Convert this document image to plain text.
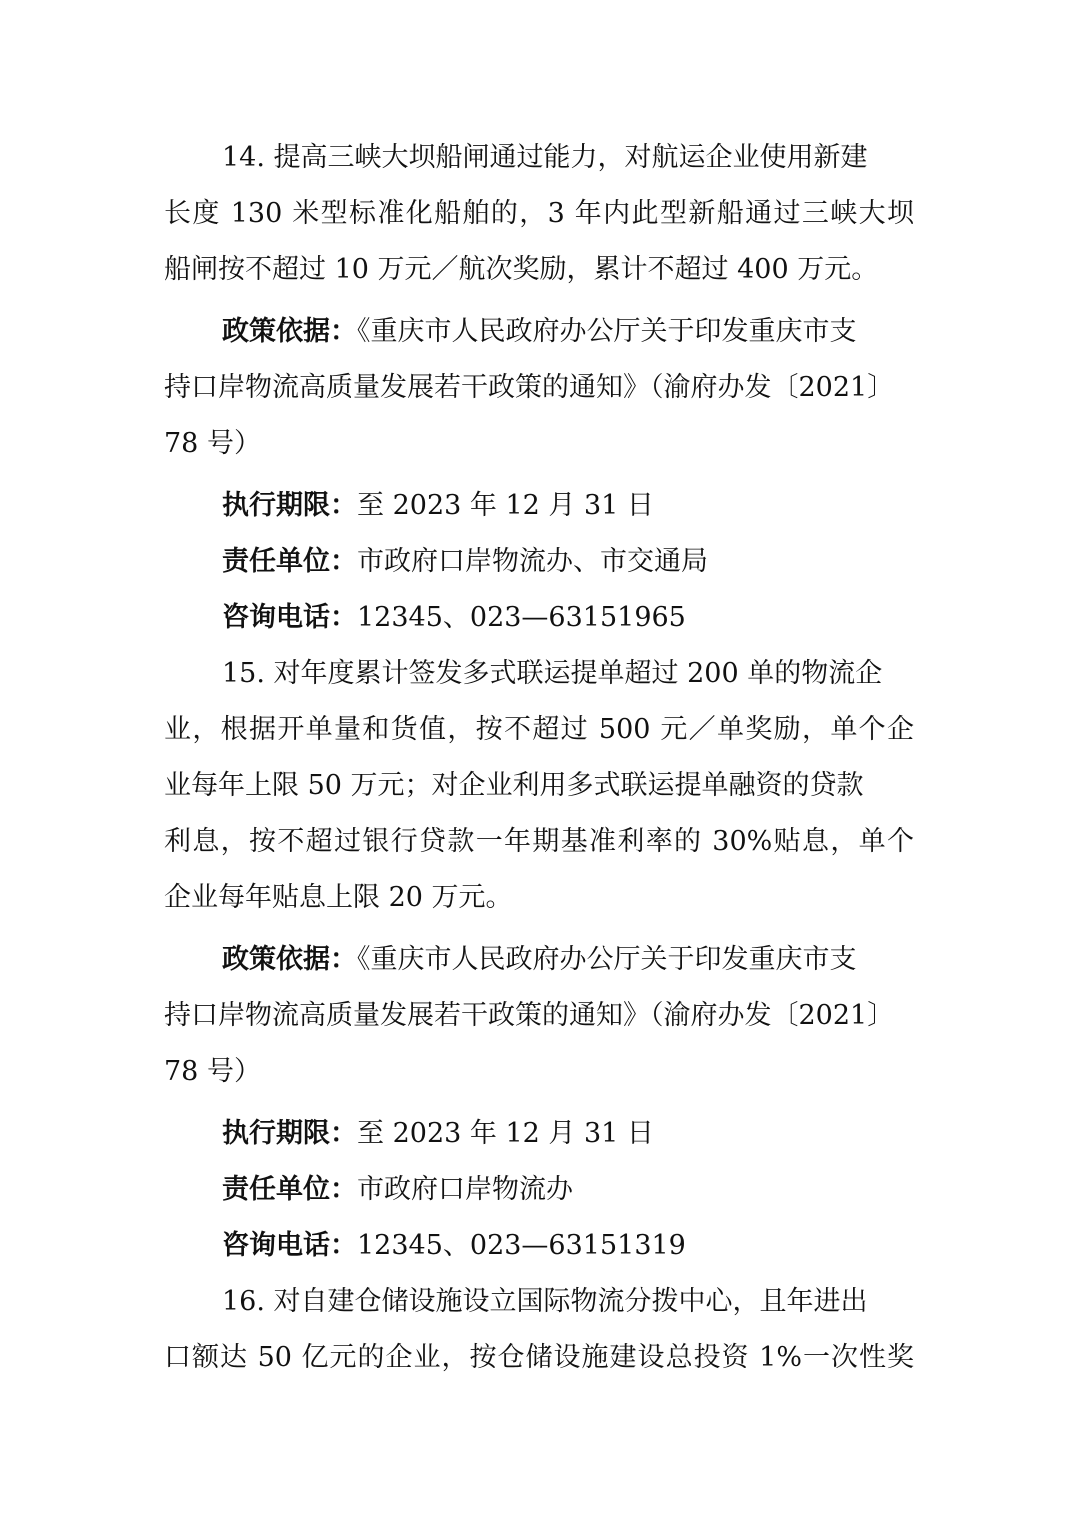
14. 提高三峡大坝船闸通过能力，对航运企业使用新建
长度 130 米型标准化船舶的，3 年内此型新船通过三峡大坝
船闸按不超过 10 万元／航次奖励，累计不超过 400 万元。
政策依据：《重庆市人民政府办公厅关于印发重庆市支
持口岸物流高质量发展若干政策的通知》（渝府办发〔2021〕
78 号）
执行期限：至 2023 年 12 月 31 日
责任单位：市政府口岸物流办、市交通局
咨询电话：12345、023—63151965
15. 对年度累计签发多式联运提单超过 200 单的物流企
业，根据开单量和货值，按不超过 500 元／单奖励，单个企
业每年上限 50 万元；对企业利用多式联运提单融资的贷款
利息，按不超过银行贷款一年期基准利率的 30%贴息，单个
企业每年贴息上限 20 万元。
政策依据：《重庆市人民政府办公厅关于印发重庆市支
持口岸物流高质量发展若干政策的通知》（渝府办发〔2021〕
78 号）
执行期限：至 2023 年 12 月 31 日
责任单位：市政府口岸物流办
咨询电话：12345、023—63151319
16. 对自建仓储设施设立国际物流分拨中心，且年进出
口额达 50 亿元的企业，按仓储设施建设总投资 1%一次性奖
